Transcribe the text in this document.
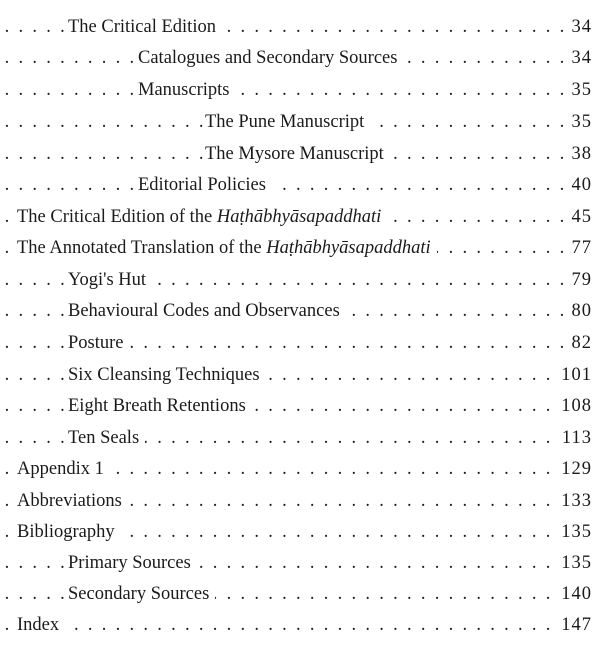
The Critical Edition .  .	34
Catalogues and Secondary Sources .  .	34
Manuscripts .  .	35
The Pune Manuscript .  .	35
The Mysore Manuscript .  .	38
Editorial Policies .  .	40
The Critical Edition of the Haṭhābhyāsapaddhati .  .	45
The Annotated Translation of the Haṭhābhyāsapaddhati .  .	77
Yogi's Hut .  .	79
Behavioural Codes and Observances .  .	80
Posture .  .	82
Six Cleansing Techniques .  .	101
Eight Breath Retentions .  .	108
Ten Seals .  .	113
Appendix 1 .  .	129
Abbreviations .  .	133
Bibliography .  .	135
Primary Sources .  .	135
Secondary Sources .  .	140
Index .  .	147
